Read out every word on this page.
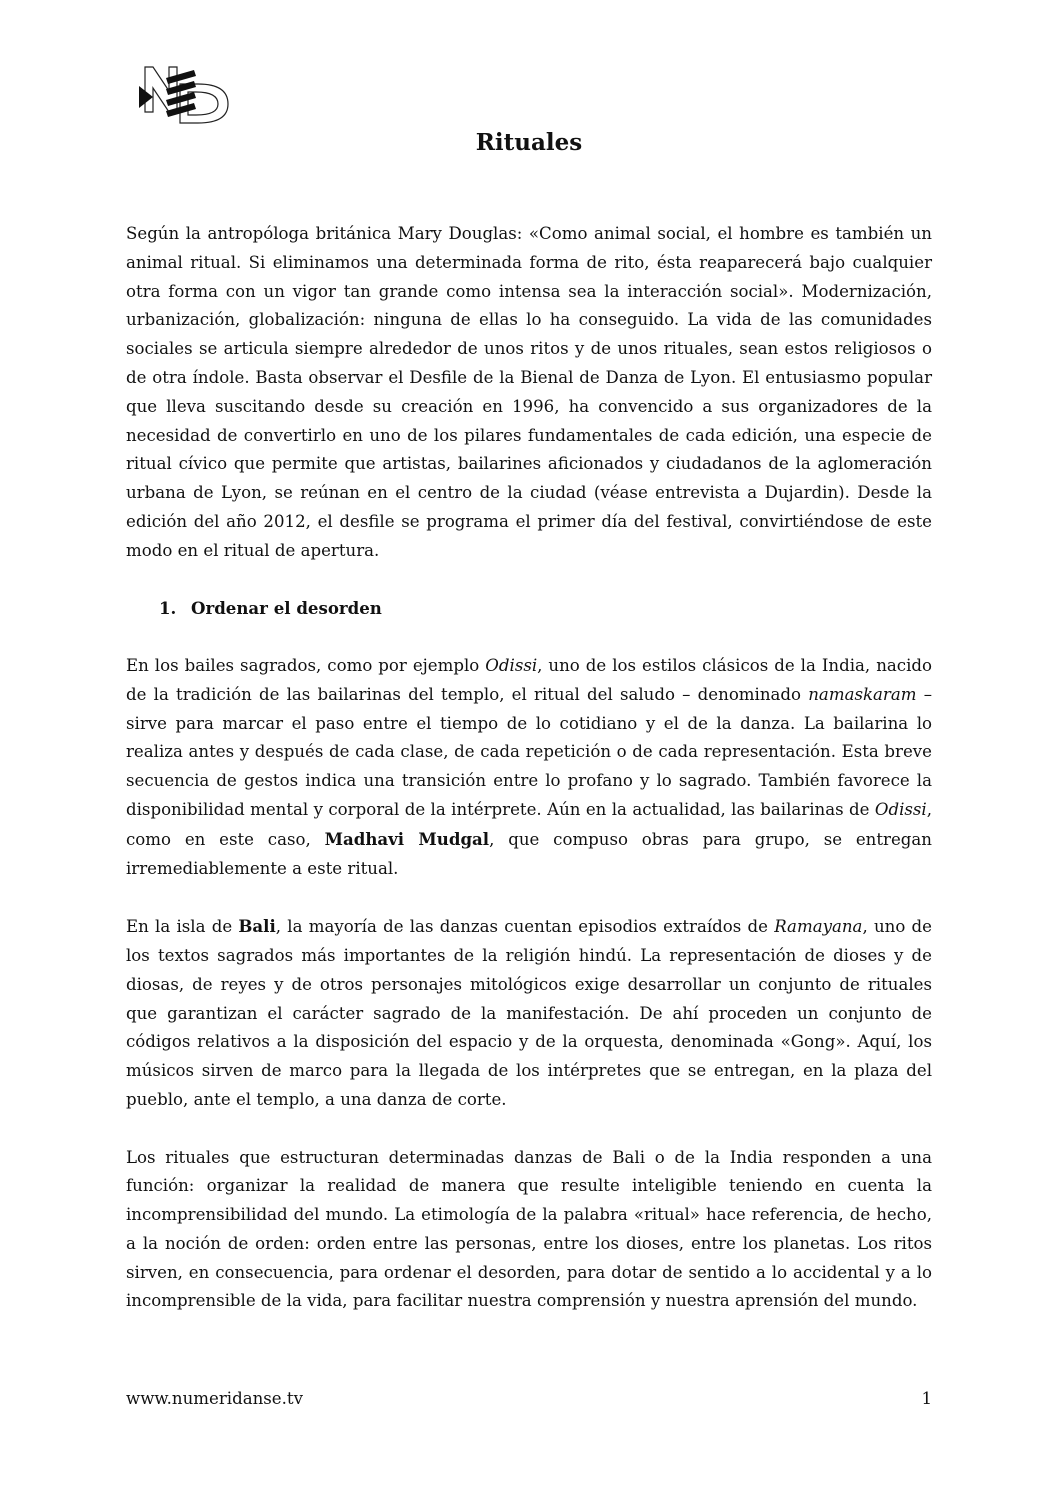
Rituales

Según la antropóloga británica Mary Douglas: «Como animal social, el hombre es también un animal ritual. Si eliminamos una determinada forma de rito, ésta reaparecerá bajo cualquier otra forma con un vigor tan grande como intensa sea la interacción social». Modernización, urbanización, globalización: ninguna de ellas lo ha conseguido. La vida de las comunidades sociales se articula siempre alrededor de unos ritos y de unos rituales, sean estos religiosos o de otra índole. Basta observar el Desfile de la Bienal de Danza de Lyon. El entusiasmo popular que lleva suscitando desde su creación en 1996, ha convencido a sus organizadores de la necesidad de convertirlo en uno de los pilares fundamentales de cada edición, una especie de ritual cívico que permite que artistas, bailarines aficionados y ciudadanos de la aglomeración urbana de Lyon, se reúnan en el centro de la ciudad (véase entrevista a Dujardin). Desde la edición del año 2012, el desfile se programa el primer día del festival, convirtiéndose de este modo en el ritual de apertura.

1. Ordenar el desorden

En los bailes sagrados, como por ejemplo Odissi, uno de los estilos clásicos de la India, nacido de la tradición de las bailarinas del templo, el ritual del saludo – denominado namaskaram – sirve para marcar el paso entre el tiempo de lo cotidiano y el de la danza. La bailarina lo realiza antes y después de cada clase, de cada repetición o de cada representación. Esta breve secuencia de gestos indica una transición entre lo profano y lo sagrado. También favorece la disponibilidad mental y corporal de la intérprete. Aún en la actualidad, las bailarinas de Odissi, como en este caso, Madhavi Mudgal, que compuso obras para grupo, se entregan irremediablemente a este ritual.

En la isla de Bali, la mayoría de las danzas cuentan episodios extraídos de Ramayana, uno de los textos sagrados más importantes de la religión hindú. La representación de dioses y de diosas, de reyes y de otros personajes mitológicos exige desarrollar un conjunto de rituales que garantizan el carácter sagrado de la manifestación. De ahí proceden un conjunto de códigos relativos a la disposición del espacio y de la orquesta, denominada «Gong». Aquí, los músicos sirven de marco para la llegada de los intérpretes que se entregan, en la plaza del pueblo, ante el templo, a una danza de corte.

Los rituales que estructuran determinadas danzas de Bali o de la India responden a una función: organizar la realidad de manera que resulte inteligible teniendo en cuenta la incomprensibilidad del mundo. La etimología de la palabra «ritual» hace referencia, de hecho, a la noción de orden: orden entre las personas, entre los dioses, entre los planetas. Los ritos sirven, en consecuencia, para ordenar el desorden, para dotar de sentido a lo accidental y a lo incomprensible de la vida, para facilitar nuestra comprensión y nuestra aprensión del mundo.

www.numeridanse.tv	1
